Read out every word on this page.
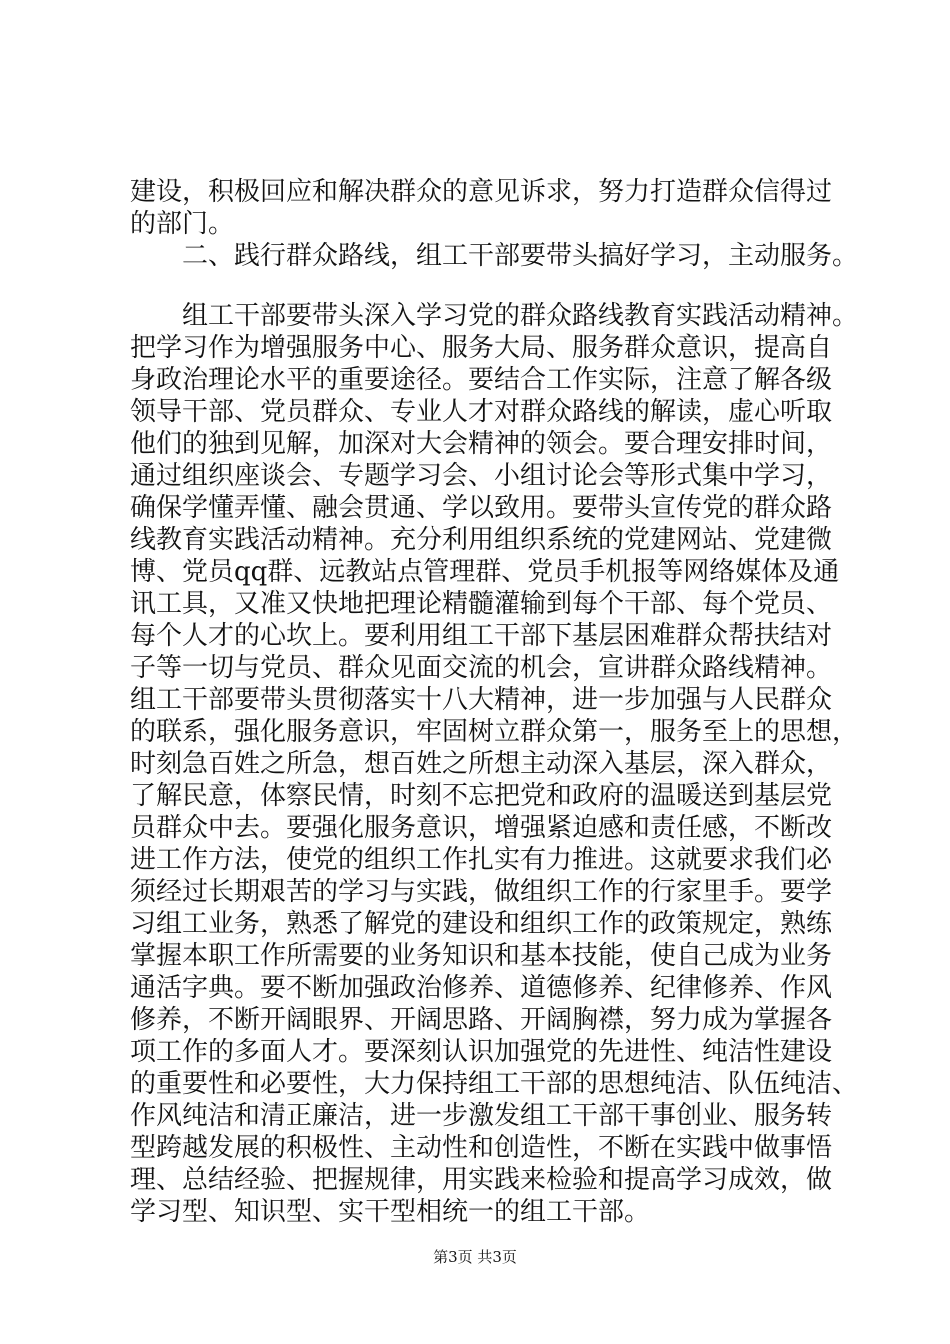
建设，积极回应和解决群众的意见诉求，努力打造群众信得过
的部门。
二、践行群众路线，组工干部要带头搞好学习，主动服务。
组工干部要带头深入学习党的群众路线教育实践活动精神。
把学习作为增强服务中心、服务大局、服务群众意识，提高自
身政治理论水平的重要途径。要结合工作实际，注意了解各级
领导干部、党员群众、专业人才对群众路线的解读，虚心听取
他们的独到见解，加深对大会精神的领会。要合理安排时间，
通过组织座谈会、专题学习会、小组讨论会等形式集中学习，
确保学懂弄懂、融会贯通、学以致用。要带头宣传党的群众路
线教育实践活动精神。充分利用组织系统的党建网站、党建微
博、党员qq群、远教站点管理群、党员手机报等网络媒体及通
讯工具，又准又快地把理论精髓灌输到每个干部、每个党员、
每个人才的心坎上。要利用组工干部下基层困难群众帮扶结对
子等一切与党员、群众见面交流的机会，宣讲群众路线精神。
组工干部要带头贯彻落实十八大精神，进一步加强与人民群众
的联系，强化服务意识，牢固树立群众第一，服务至上的思想，
时刻急百姓之所急，想百姓之所想主动深入基层，深入群众，
了解民意，体察民情，时刻不忘把党和政府的温暖送到基层党
员群众中去。要强化服务意识，增强紧迫感和责任感，不断改
进工作方法，使党的组织工作扎实有力推进。这就要求我们必
须经过长期艰苦的学习与实践，做组织工作的行家里手。要学
习组工业务，熟悉了解党的建设和组织工作的政策规定，熟练
掌握本职工作所需要的业务知识和基本技能，使自己成为业务
通活字典。要不断加强政治修养、道德修养、纪律修养、作风
修养，不断开阔眼界、开阔思路、开阔胸襟，努力成为掌握各
项工作的多面人才。要深刻认识加强党的先进性、纯洁性建设
的重要性和必要性，大力保持组工干部的思想纯洁、队伍纯洁、
作风纯洁和清正廉洁，进一步激发组工干部干事创业、服务转
型跨越发展的积极性、主动性和创造性，不断在实践中做事悟
理、总结经验、把握规律，用实践来检验和提高学习成效，做
学习型、知识型、实干型相统一的组工干部。
第3页 共3页
